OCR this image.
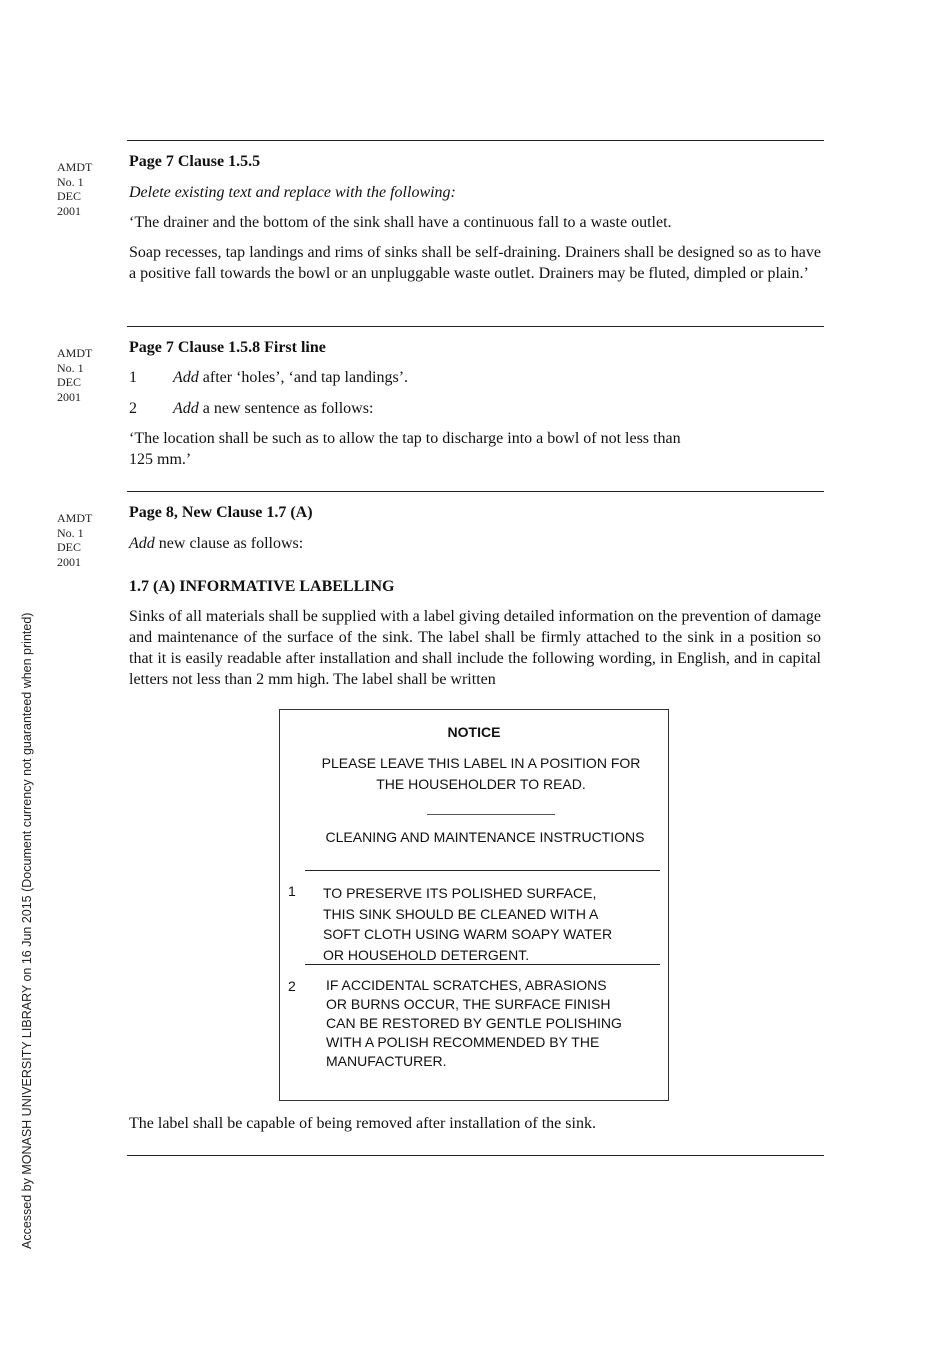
AMDT
No. 1
DEC
2001
AMDT
No. 1
DEC
2001
AMDT
No. 1
DEC
2001

Page 7 Clause 1.5.5

Delete existing text and replace with the following:

‘The drainer and the bottom of the sink shall have a continuous fall to a waste outlet.

Soap recesses, tap landings and rims of sinks shall be self-draining. Drainers shall be designed so as to have a positive fall towards the bowl or an unpluggable waste outlet. Drainers may be fluted, dimpled or plain.’

Page 7 Clause 1.5.8 First line

1 Add after ‘holes’, ‘and tap landings’.

2 Add a new sentence as follows:

‘The location shall be such as to allow the tap to discharge into a bowl of not less than
125 mm.’

Page 8, New Clause 1.7 (A)

Add new clause as follows:

1.7 (A) INFORMATIVE LABELLING

Sinks of all materials shall be supplied with a label giving detailed information on the prevention of damage and maintenance of the surface of the sink. The label shall be firmly attached to the sink in a position so that it is easily readable after installation and shall include the following wording, in English, and in capital letters not less than 2 mm high. The label shall be written

NOTICE

PLEASE LEAVE THIS LABEL IN A POSITION FOR
THE HOUSEHOLDER TO READ.

CLEANING AND MAINTENANCE INSTRUCTIONS

1 TO PRESERVE ITS POLISHED SURFACE,
THIS SINK SHOULD BE CLEANED WITH A
SOFT CLOTH USING WARM SOAPY WATER
OR HOUSEHOLD DETERGENT.

2 IF ACCIDENTAL SCRATCHES, ABRASIONS
OR BURNS OCCUR, THE SURFACE FINISH
CAN BE RESTORED BY GENTLE POLISHING
WITH A POLISH RECOMMENDED BY THE
MANUFACTURER.

The label shall be capable of being removed after installation of the sink.

Accessed by MONASH UNIVERSITY LIBRARY on 16 Jun 2015 (Document currency not guaranteed when printed)
